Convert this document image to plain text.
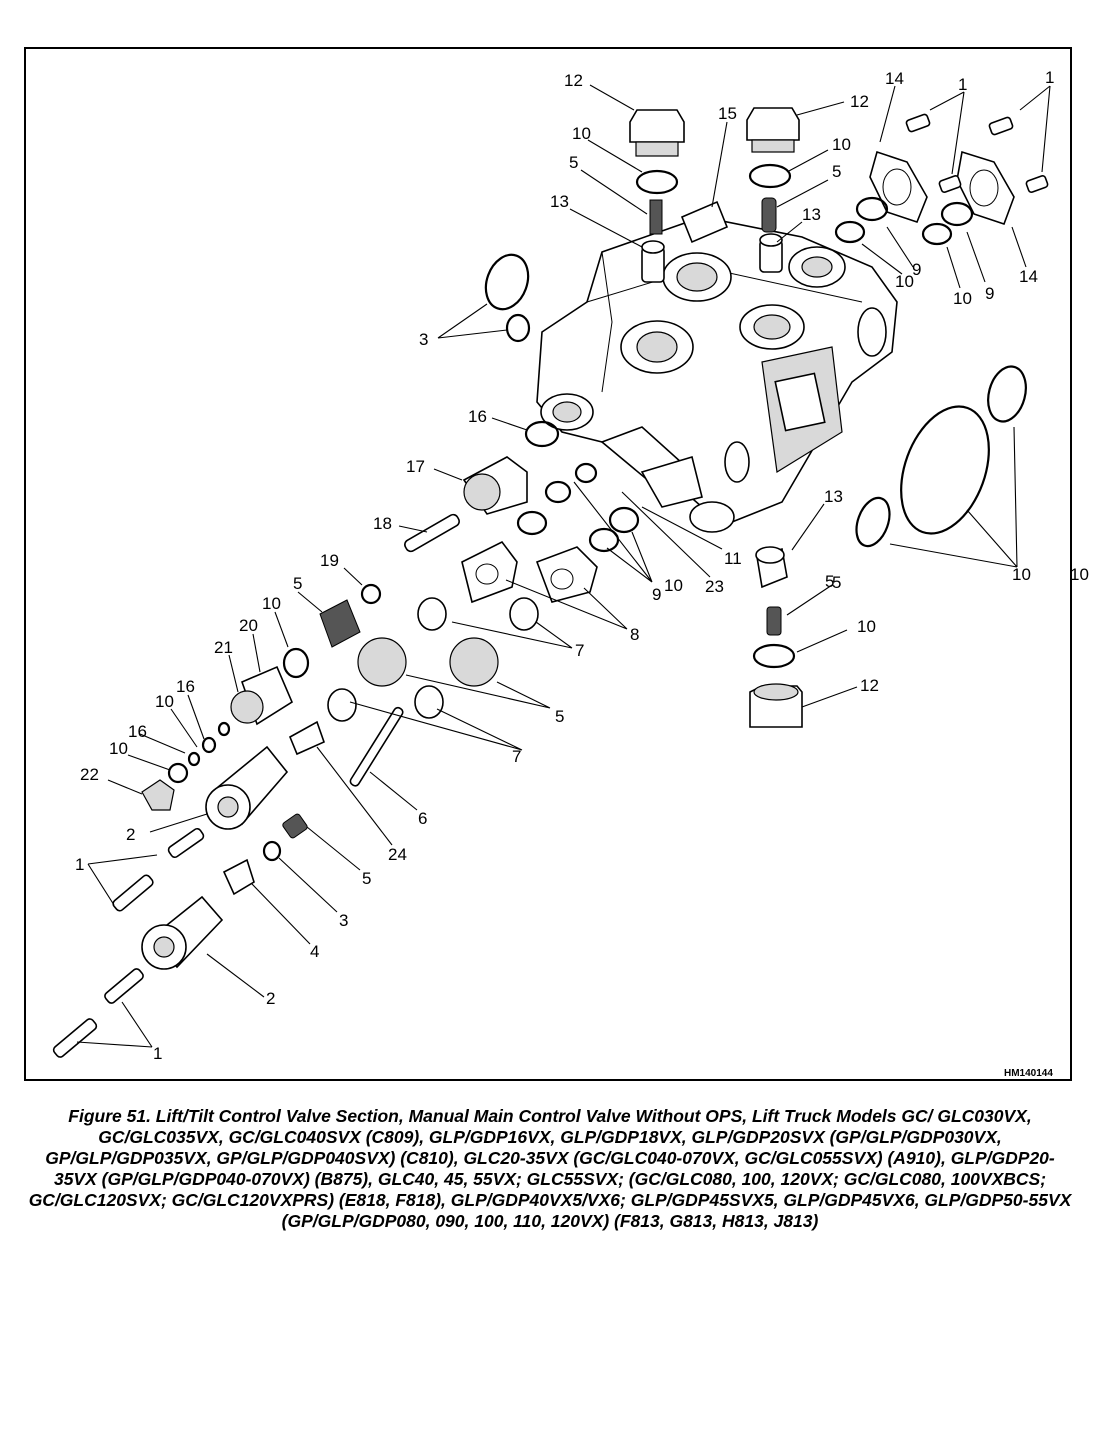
12
12
15
14	1	1
10
10
5	5
13
13
9
9
10
10
10
14
3
16
17
18
19
5
10
20
21
16
10
16
10
22
2
1
4
3
5
24
6
7
7
5
5
8
9 10 23
11
13
5
10
12
10
2
1
HM140144
Figure 51. Lift/Tilt Control Valve Section, Manual Main Control Valve Without OPS, Lift Truck Models GC/ GLC030VX, GC/GLC035VX, GC/GLC040SVX (C809), GLP/GDP16VX, GLP/GDP18VX, GLP/GDP20SVX (GP/GLP/GDP030VX, GP/GLP/GDP035VX, GP/GLP/GDP040SVX) (C810), GLC20-35VX (GC/GLC040-070VX, GC/GLC055SVX) (A910), GLP/GDP20-35VX (GP/GLP/GDP040-070VX) (B875), GLC40, 45, 55VX; GLC55SVX; (GC/GLC080, 100, 120VX; GC/GLC080, 100VXBCS; GC/GLC120SVX; GC/GLC120VXPRS) (E818, F818), GLP/GDP40VX5/VX6; GLP/GDP45SVX5, GLP/GDP45VX6, GLP/GDP50-55VX (GP/GLP/GDP080, 090, 100, 110, 120VX) (F813, G813, H813, J813)
